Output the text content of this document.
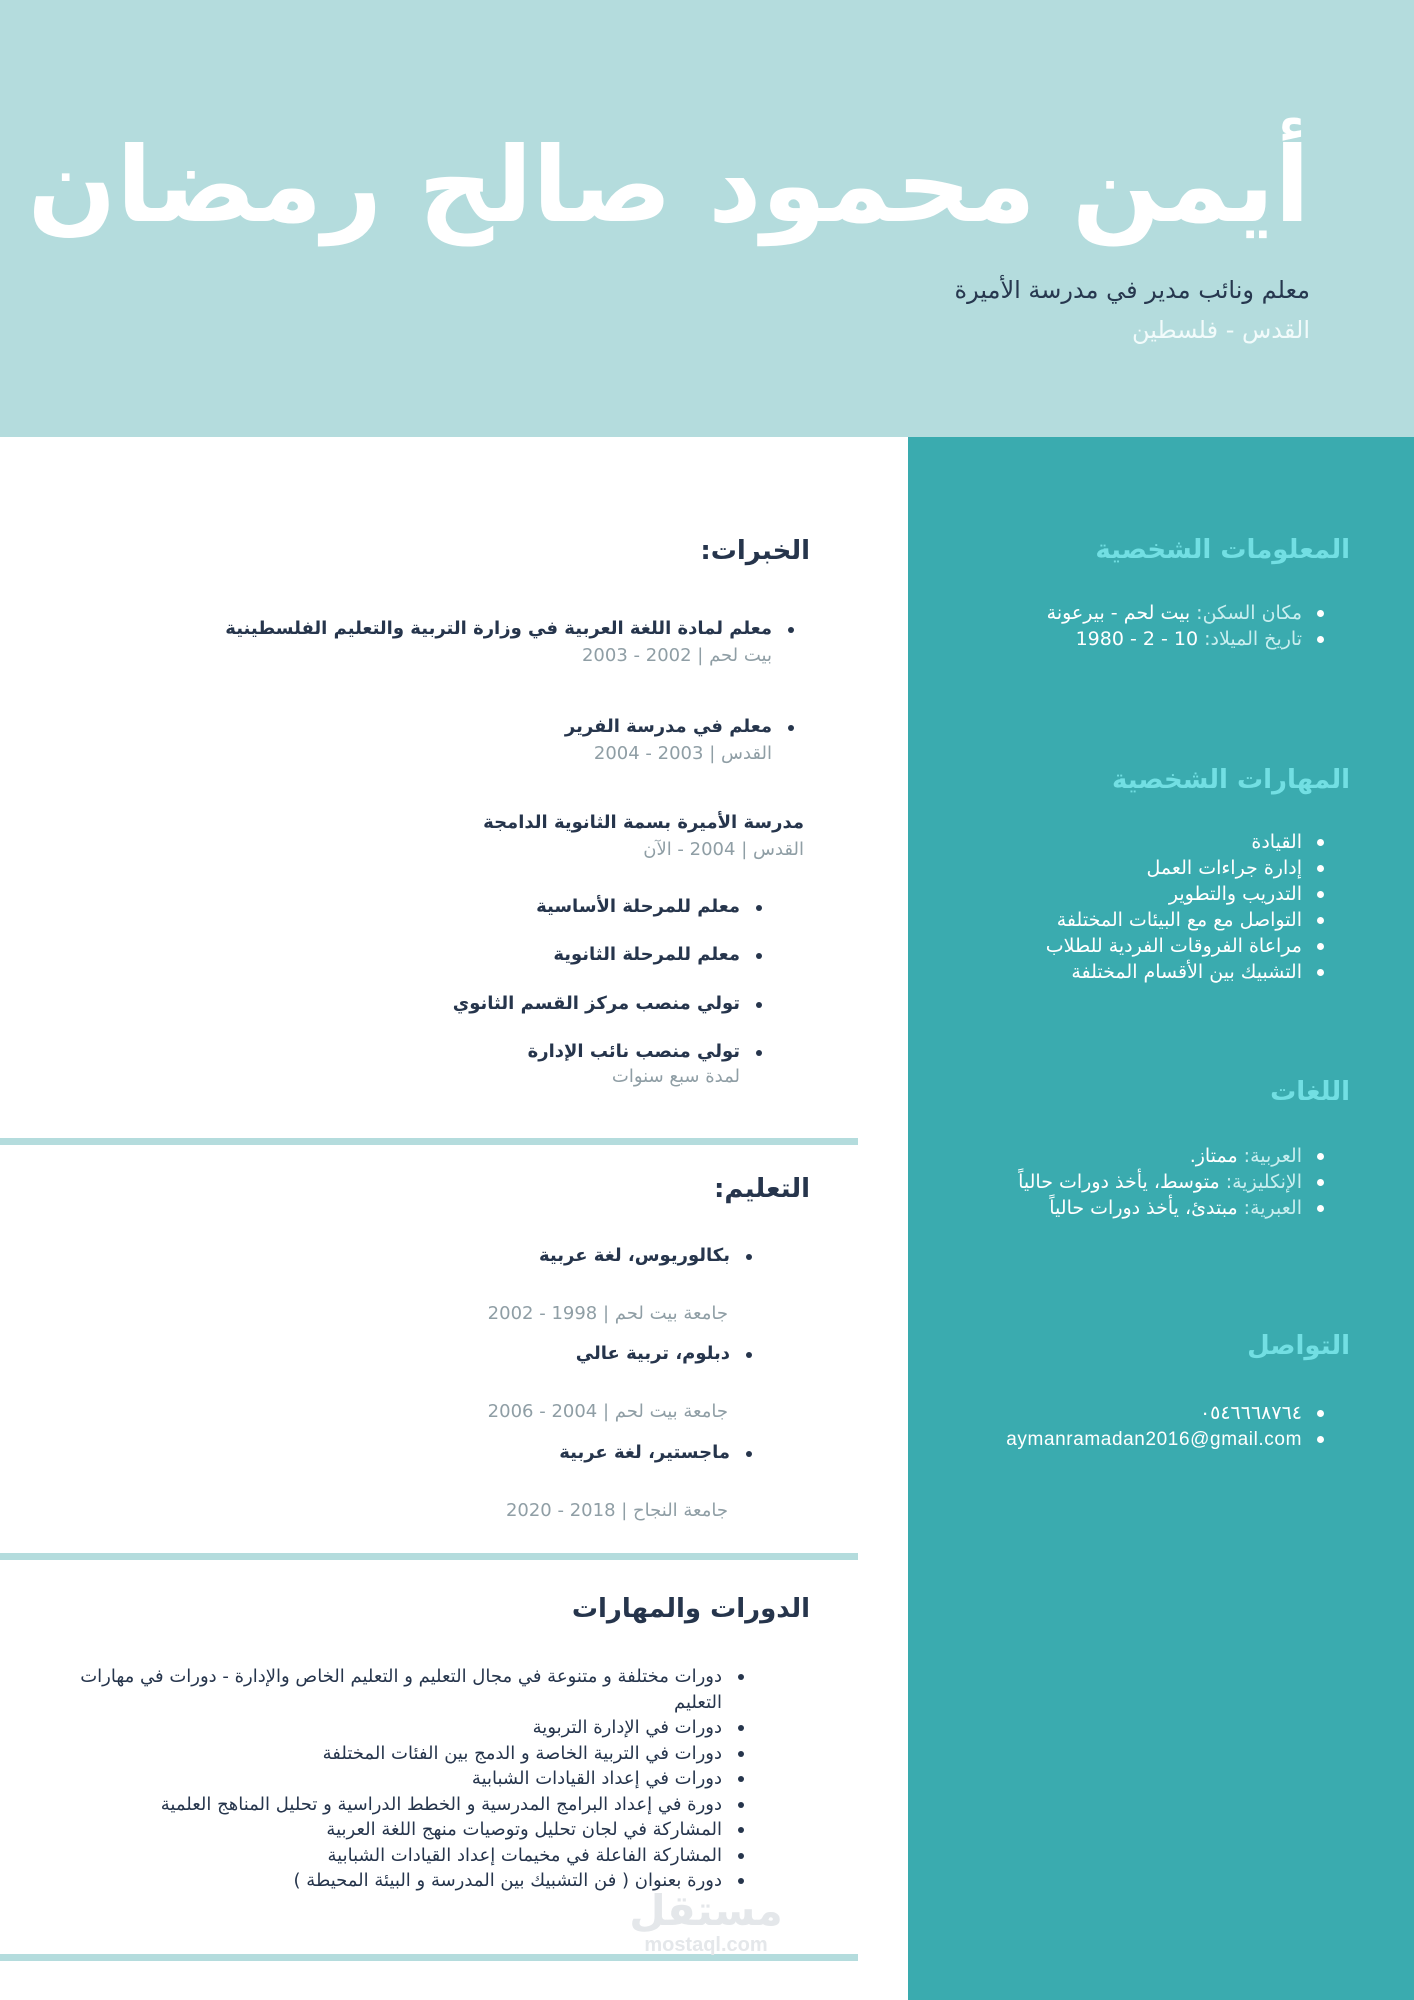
أيمن محمود صالح رمضان
معلم ونائب مدير في مدرسة الأميرة
القدس - فلسطين
المعلومات الشخصية
مكان السكن: بيت لحم - بيرعونة
تاريخ الميلاد: 10 - 2 - 1980
المهارات الشخصية
القيادة
إدارة جراءات العمل
التدريب والتطوير
التواصل مع مع البيئات المختلفة
مراعاة الفروقات الفردية للطلاب
التشبيك بين الأقسام المختلفة
اللغات
العربية: ممتاز.
الإنكليزية: متوسط، يأخذ دورات حالياً
العبرية: مبتدئ، يأخذ دورات حالياً
التواصل
٠٥٤٦٦٦٨٧٦٤
aymanramadan2016@gmail.com
الخبرات:
معلم لمادة اللغة العربية في وزارة التربية والتعليم الفلسطينية
بيت لحم | 2002 - 2003
معلم في مدرسة الفرير
القدس | 2003 - 2004
مدرسة الأميرة بسمة الثانوية الدامجة
القدس | 2004 - الآن
معلم للمرحلة الأساسية
معلم للمرحلة الثانوية
تولي منصب مركز القسم الثانوي
تولي منصب نائب الإدارة
لمدة سبع سنوات
التعليم:
بكالوريوس، لغة عربية
جامعة بيت لحم | 1998 - 2002
دبلوم، تربية عالي
جامعة بيت لحم | 2004 - 2006
ماجستير، لغة عربية
جامعة النجاح | 2018 - 2020
الدورات والمهارات
دورات مختلفة و متنوعة في مجال التعليم و التعليم الخاص والإدارة - دورات في مهارات التعليم
دورات في الإدارة التربوية
دورات في التربية الخاصة و الدمج بين الفئات المختلفة
دورات في إعداد القيادات الشبابية
دورة في إعداد البرامج المدرسية و الخطط الدراسية و تحليل المناهج العلمية
المشاركة في لجان تحليل وتوصيات منهج اللغة العربية
المشاركة الفاعلة في مخيمات إعداد القيادات الشبابية
دورة بعنوان ( فن التشبيك بين المدرسة و البيئة المحيطة )
مستقل
mostaql.com
